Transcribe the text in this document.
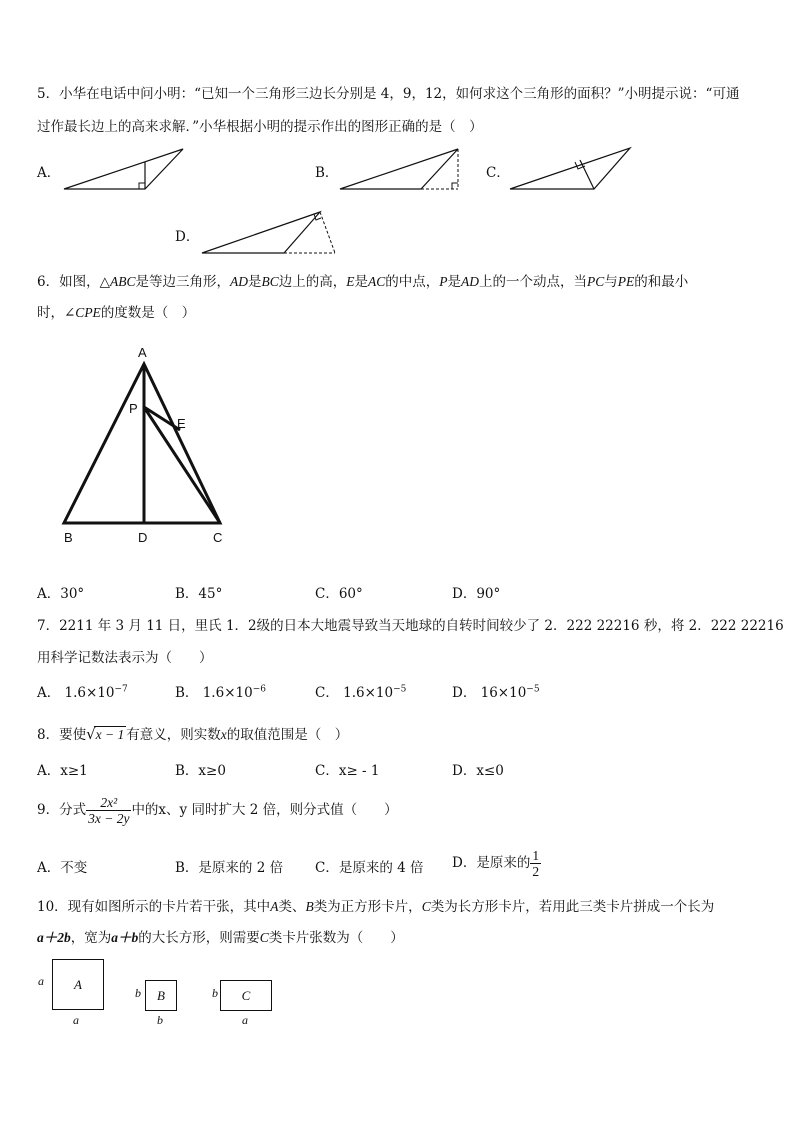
5．小华在电话中问小明：“已知一个三角形三边长分别是 4，9，12，如何求这个三角形的面积？”小明提示说：“可通
过作最长边上的高来求解．”小华根据小明的提示作出的图形正确的是（　）
A．	B．	C．
D．
6．如图，△ABC是等边三角形，AD是BC边上的高，E是AC的中点，P是AD上的一个动点，当PC与PE的和最小
时，∠CPE的度数是（　）
A
P
E
B	D	C
A．30°	B．45°	C．60°	D．90°
7．2211 年 3 月 11 日，里氏 1．2级的日本大地震导致当天地球的自转时间较少了 2．222 22216 秒，将 2．222 22216
用科学记数法表示为（　　）
A． $1.6\times 10^{-7}$	B． $1.6\times 10^{-6}$	C． $1.6\times 10^{-5}$	D． $16\times 10^{-5}$
8．要使√x − 1 有意义，则实数x的取值范围是（　）
A．x≥1	B．x≥0	C．x≥ - 1	D．x≤0
9．分式 $\frac{\text{2x²}}{3x - 2y}$ 中的x、y 同时扩大 2 倍，则分式值（　　）
A．不变	B．是原来的 2 倍 C．是原来的 4 倍 D．是原来的 $\frac{1}{2}$
10．现有如图所示的卡片若干张，其中A类、B类为正方形卡片，C类为长方形卡片，若用此三类卡片拼成一个长为
a＋2b，宽为a＋b的大长方形，则需要C类卡片张数为（　　）
a	A
a
b	B
b
b	C
a
